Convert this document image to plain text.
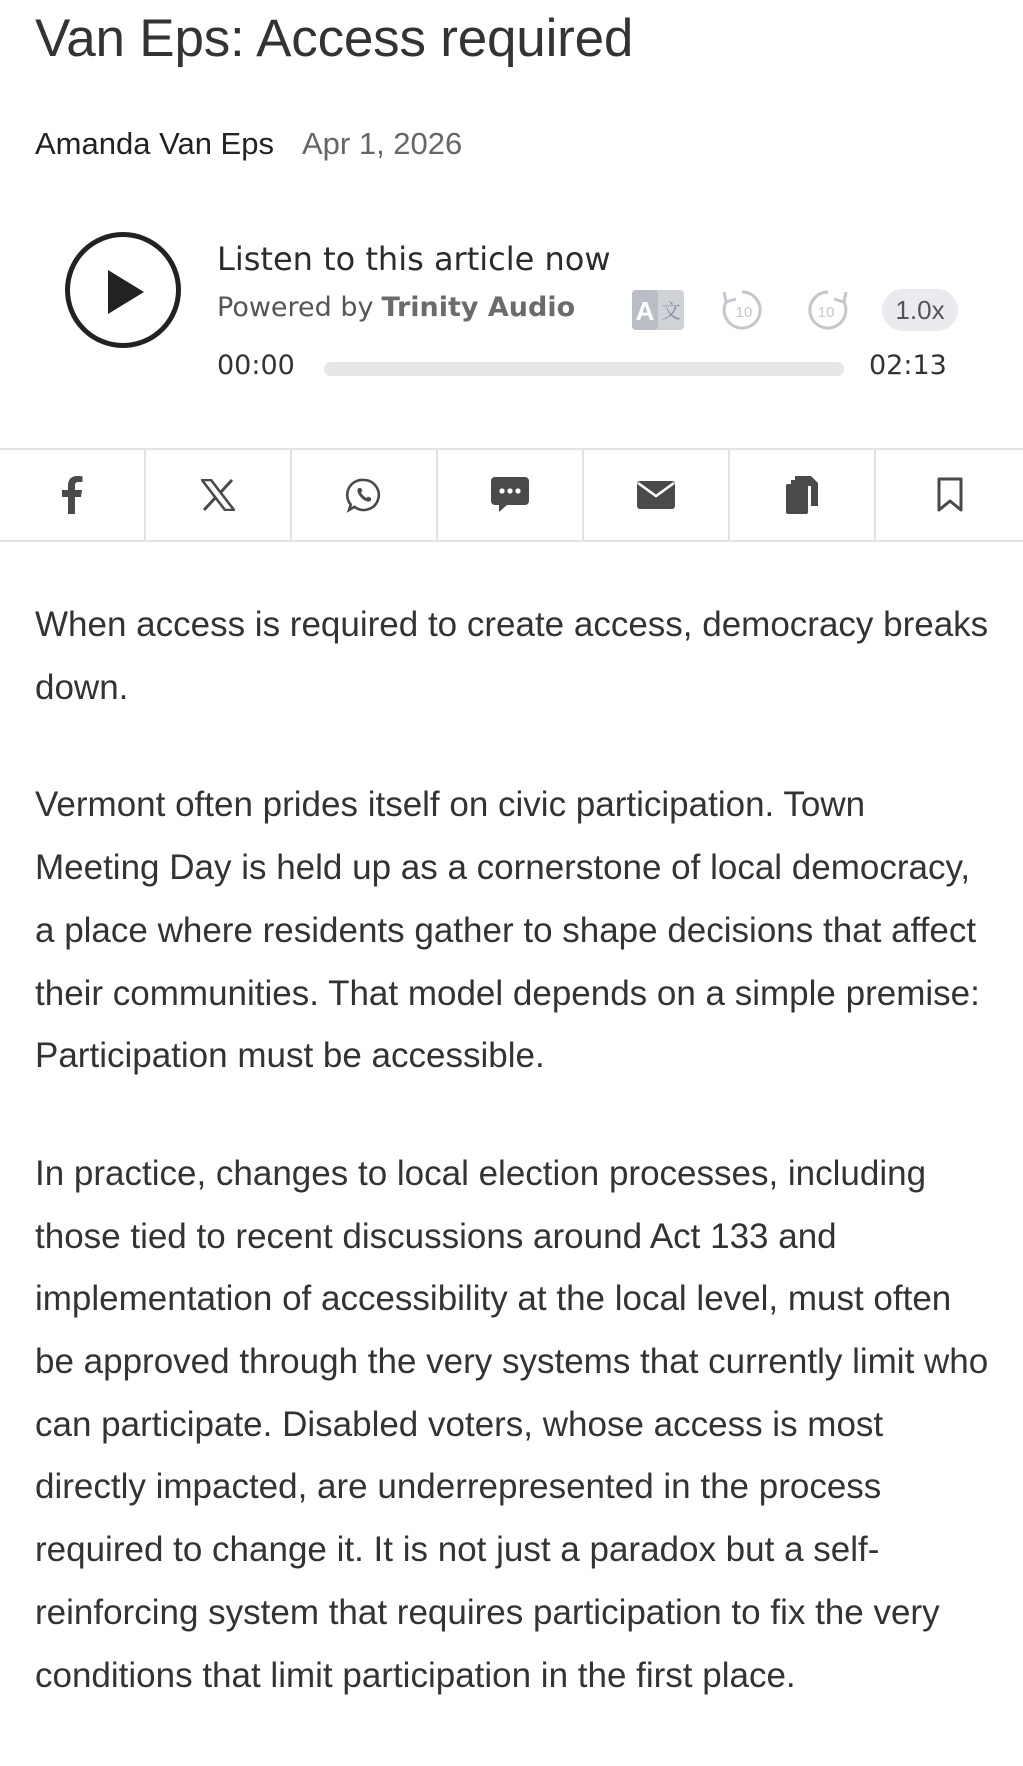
Van Eps: Access required
Amanda Van Eps Apr 1, 2026
Listen to this article now
Powered by Trinity Audio A 文	10	10	1.0x
00:00	02:13

When access is required to create access, democracy breaks down.

Vermont often prides itself on civic participation. Town Meeting Day is held up as a cornerstone of local democracy, a place where residents gather to shape decisions that affect their communities. That model depends on a simple premise: Participation must be accessible.

In practice, changes to local election processes, including those tied to recent discussions around Act 133 and implementation of accessibility at the local level, must often be approved through the very systems that currently limit who can participate. Disabled voters, whose access is most directly impacted, are underrepresented in the process required to change it. It is not just a paradox but a self-reinforcing system that requires participation to fix the very conditions that limit participation in the first place.
